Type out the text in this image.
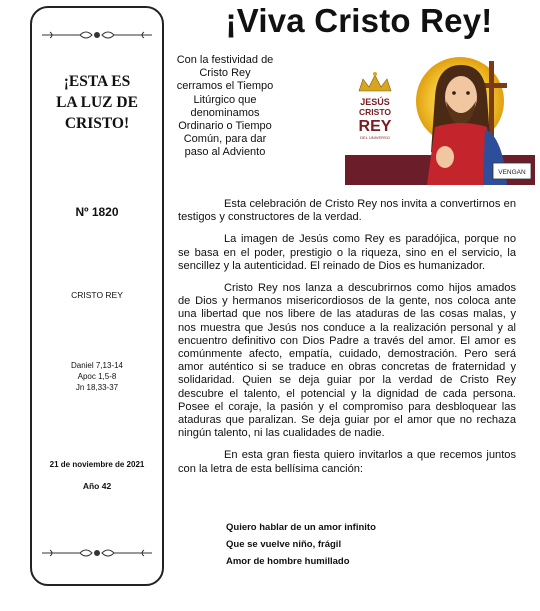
¡ESTA ES
LA LUZ DE
CRISTO!
Nº 1820
CRISTO REY
Daniel 7,13-14
Apoc 1,5-8
Jn 18,33-37
21 de noviembre de 2021
Año 42
¡Viva Cristo Rey!
Con la festividad de Cristo Rey cerramos el Tiempo Litúrgico que denominamos Ordinario o Tiempo Común, para dar paso al Adviento
VENGAN
JESÚS
CRISTO
REY
DEL UNIVERSO

Esta celebración de Cristo Rey nos invita a convertirnos en testigos y constructores de la verdad.

La imagen de Jesús como Rey es paradójica, porque no se basa en el poder, prestigio o la riqueza, sino en el servicio, la sencillez y la autenticidad. El reinado de Dios es humanizador.

Cristo Rey nos lanza a descubrirnos como hijos amados de Dios y hermanos misericordiosos de la gente, nos coloca ante una libertad que nos libere de las ataduras de las cosas malas, y nos muestra que Jesús nos conduce a la realización personal y al encuentro definitivo con Dios Padre a través del amor. El amor es comúnmente afecto, empatía, cuidado, demostración. Pero será amor auténtico si se traduce en obras concretas de fraternidad y solidaridad. Quien se deja guiar por la verdad de Cristo Rey descubre el talento, el potencial y la dignidad de cada persona. Posee el coraje, la pasión y el compromiso para desbloquear las ataduras que paralizan. Se deja guiar por el amor que no rechaza ningún talento, ni las cualidades de nadie.

En esta gran fiesta quiero invitarlos a que recemos juntos con la letra de esta bellísima canción:

Quiero hablar de un amor infinito
Que se vuelve niño, frágil
Amor de hombre humillado
